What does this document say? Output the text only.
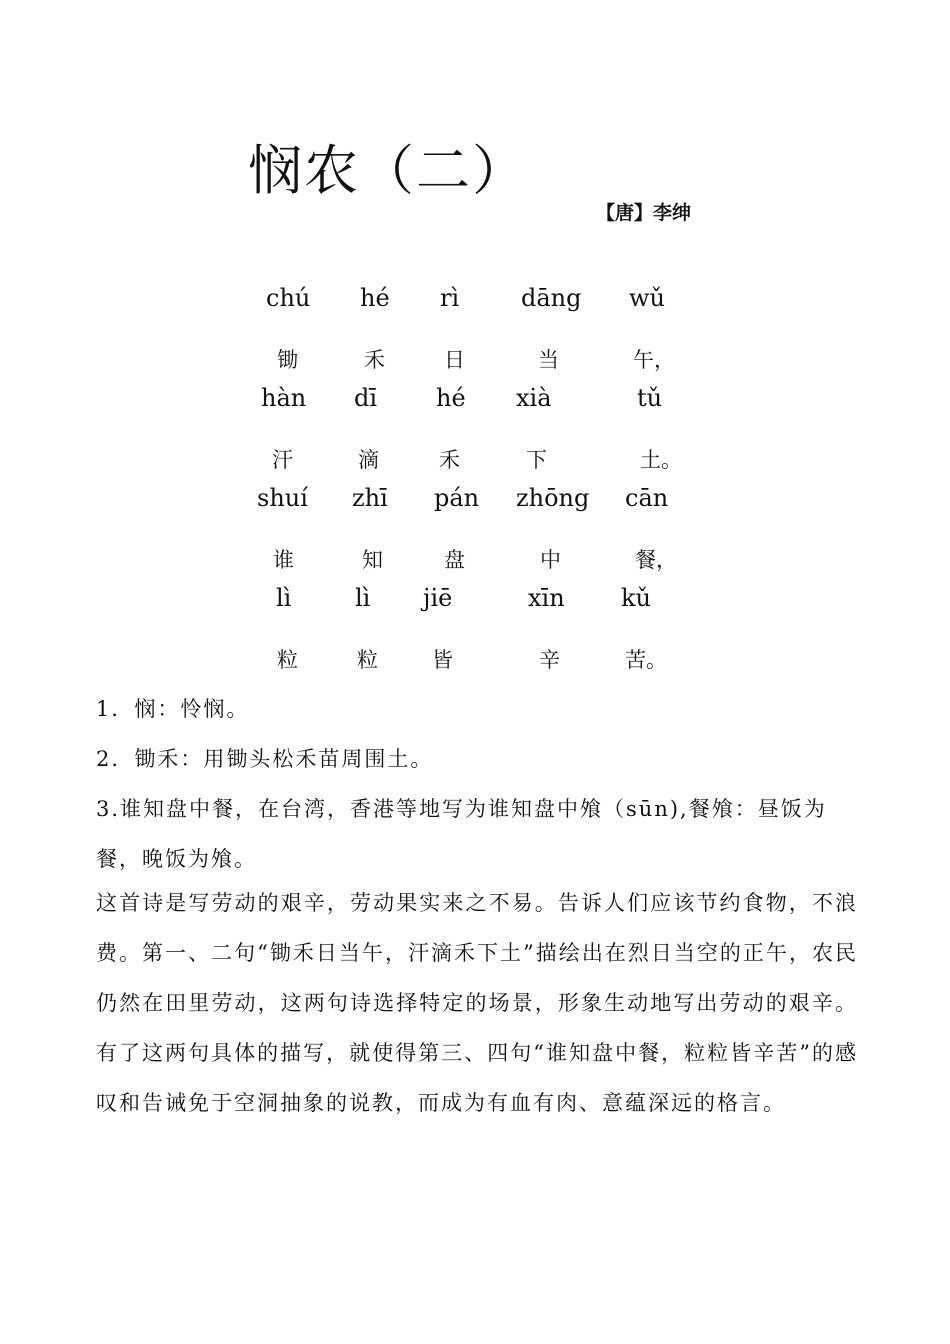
悯农（二）
【唐】李绅
chú hé rì	dāng wǔ
锄	禾	日	当	午，
hàn dī hé xià	tǔ
汗	滴	禾	下	土。
shuí zhī pán zhōng cān
谁	知	盘	中	餐，
lì	lì jiē	xīn kǔ
粒	粒	皆	辛	苦。

1．悯：怜悯。

2．锄禾：用锄头松禾苗周围土。

3.谁知盘中餐，在台湾，香港等地写为谁知盘中飧（sūn),餐飧：昼饭为餐，晚饭为飧。

这首诗是写劳动的艰辛，劳动果实来之不易。告诉人们应该节约食物，不浪费。第一、二句“锄禾日当午，汗滴禾下土”描绘出在烈日当空的正午，农民仍然在田里劳动，这两句诗选择特定的场景，形象生动地写出劳动的艰辛。有了这两句具体的描写，就使得第三、四句“谁知盘中餐，粒粒皆辛苦”的感叹和告诫免于空洞抽象的说教，而成为有血有肉、意蕴深远的格言。
